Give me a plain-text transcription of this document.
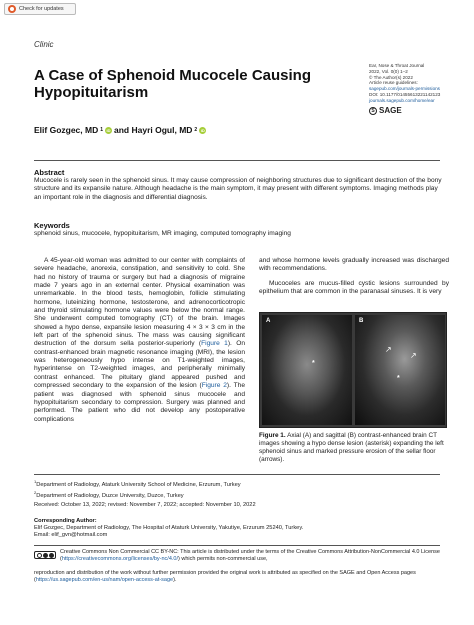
Check for updates
Clinic
A Case of Sphenoid Mucocele Causing Hypopituitarism
Ear, Nose & Throat Journal
2022, Vol. 0(0) 1–2
© The Author(s) 2022
Article reuse guidelines:
sagepub.com/journals-permissions
DOI: 10.1177/01455613221142123
journals.sagepub.com/home/ear
S SAGE
Elif Gozgec, MD 1 iD and Hayri Ogul, MD 2 iD
Abstract
Mucocele is rarely seen in the sphenoid sinus. It may cause compression of neighboring structures due to significant destruction of the bony structure and its expansile nature. Although headache is the main symptom, it may present with different symptoms. Imaging methods play an important role in the diagnosis and differential diagnosis.
Keywords
sphenoid sinus, mucocele, hypopituitarism, MR imaging, computed tomography imaging

A 45-year-old woman was admitted to our center with complaints of severe headache, anorexia, constipation, and sensitivity to cold. She had no history of trauma or surgery but had a diagnosis of migraine made 7 years ago in an external center. Physical examination was unremarkable. In the blood tests, hemoglobin, follicle stimulating hormone, luteinizing hormone, testosterone, and adrenocorticotropic and thyroid stimulating hormone values were below the normal range. She underwent computed tomography (CT) of the brain. Images showed a hypo dense, expansile lesion measuring 4 × 3 × 3 cm in the left part of the sphenoid sinus. The mass was causing significant destruction of the dorsum sella posterior-superiorly (Figure 1). On contrast-enhanced brain magnetic resonance imaging (MRI), the lesion was heterogeneously hypo intense on T1-weighted images, hyperintense on T2-weighted images, and peripherally minimally contrast enhanced. The pituitary gland appeared pushed and compressed secondary to the expansion of the lesion (Figure 2). The patient was diagnosed with sphenoid sinus mucocele and hypopituitarism secondary to compression. Surgery was planned and performed. The patient who did not develop any postoperative complications

and whose hormone levels gradually increased was discharged with recommendations.

Mucoceles are mucus-filled cystic lesions surrounded by epithelium that are common in the paranasal sinuses. It is very

A
*
B
*
↗
↗
Figure 1. Axial (A) and sagittal (B) contrast-enhanced brain CT images showing a hypo dense lesion (asterisk) expanding the left sphenoid sinus and marked pressure erosion of the sellar floor (arrows).
$^1$Department of Radiology, Ataturk University School of Medicine, Erzurum, Turkey
$^2$Department of Radiology, Duzce University, Duzce, Turkey
Received: October 13, 2022; revised: November 7, 2022; accepted: November 10, 2022
Corresponding Author:
Elif Gozgec, Department of Radiology, The Hospital of Ataturk University, Yakutiye, Erzurum 25240, Turkey.
Email: elif_gvn@hotmail.com
Creative Commons Non Commercial CC BY-NC: This article is distributed under the terms of the Creative Commons Attribution-NonCommercial 4.0 License (https://creativecommons.org/licenses/by-nc/4.0/) which permits non-commercial use,
reproduction and distribution of the work without further permission provided the original work is attributed as specified on the SAGE and Open Access pages (https://us.sagepub.com/en-us/nam/open-access-at-sage).
